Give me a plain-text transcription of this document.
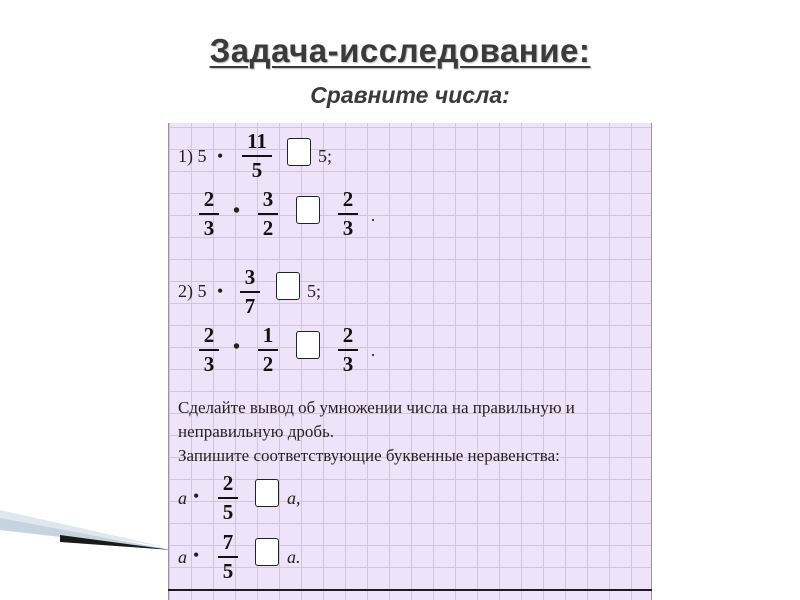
Задача-исследование:
Сравните числа:
1) 5 •
11
5
5;
2
3
• 3
2
2
3
2) 5 •
3
7
5;
2
3
• 1
2
2
3
Сделайте вывод об умножении числа на правильную и
неправильную дробь.
Запишите соответствующие буквенные неравенства:
a •
2
5
a,
a •
7
5
a.
